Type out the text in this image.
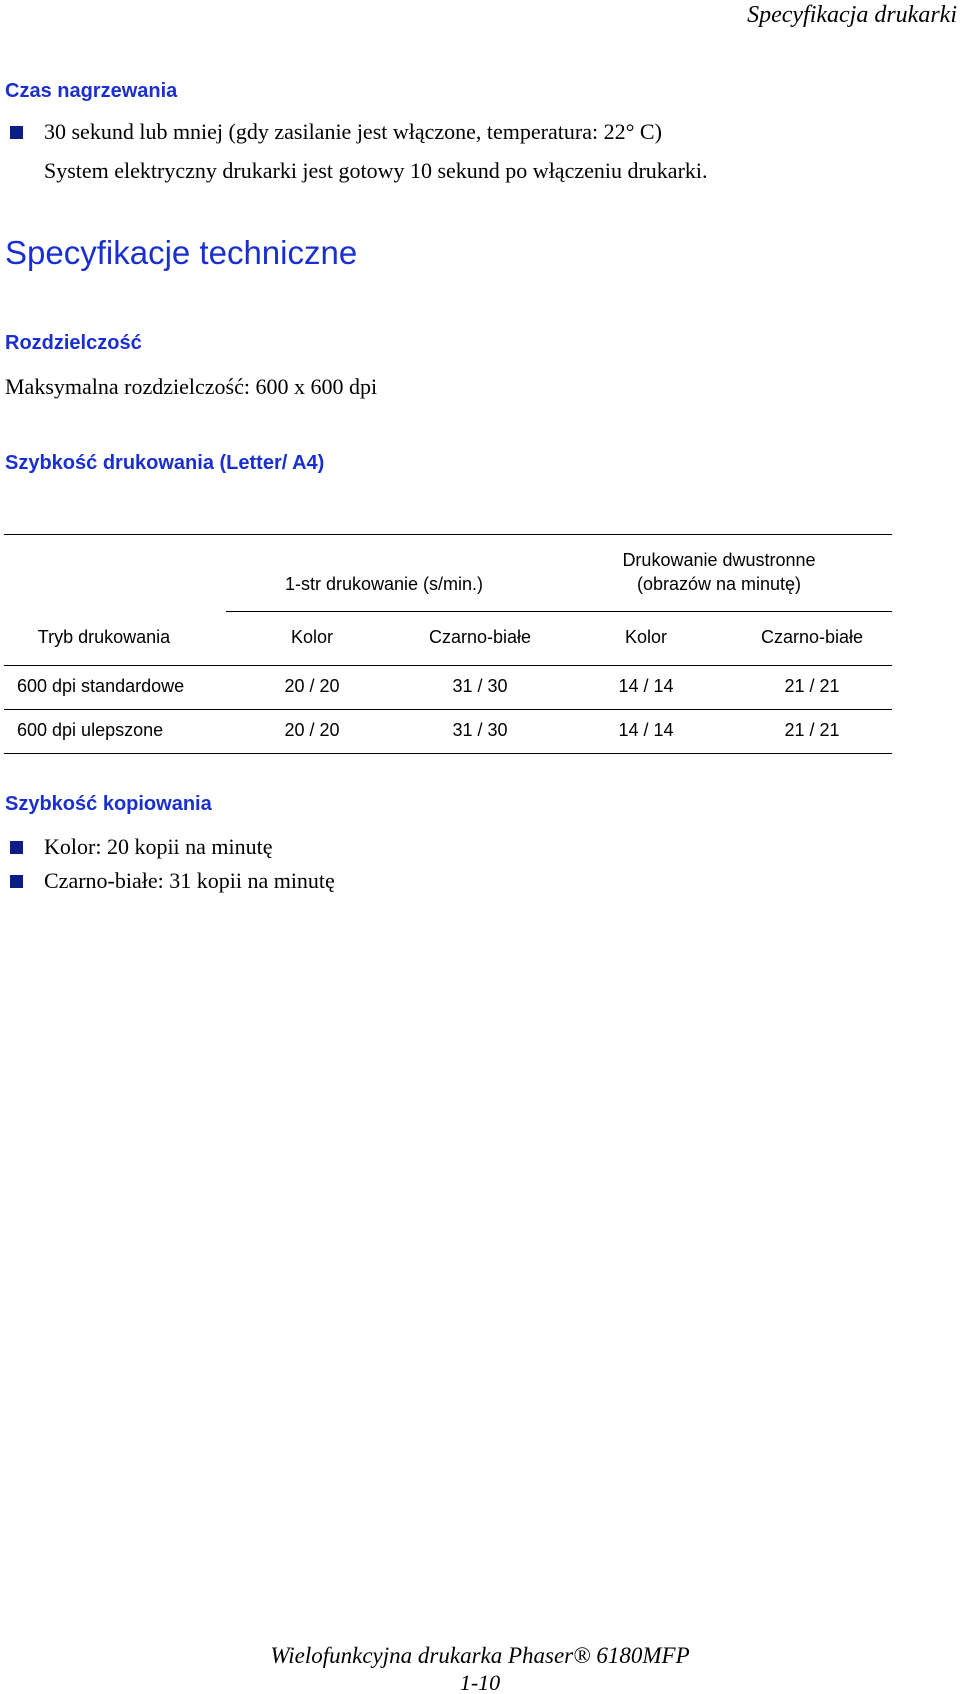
Specyfikacja drukarki
Czas nagrzewania
30 sekund lub mniej (gdy zasilanie jest włączone, temperatura: 22° C)
System elektryczny drukarki jest gotowy 10 sekund po włączeniu drukarki.
Specyfikacje techniczne
Rozdzielczość
Maksymalna rozdzielczość: 600 x 600 dpi
Szybkość drukowania (Letter/ A4)
1-str drukowanie (s/min.)
Drukowanie dwustronne
(obrazów na minutę)
Tryb drukowania	Kolor	Czarno-białe	Kolor	Czarno-białe
600 dpi standardowe	20 / 20	31 / 30	14 / 14	21 / 21
600 dpi ulepszone	20 / 20	31 / 30	14 / 14	21 / 21
Szybkość kopiowania
Kolor: 20 kopii na minutę
Czarno-białe: 31 kopii na minutę
Wielofunkcyjna drukarka Phaser® 6180MFP
1-10
